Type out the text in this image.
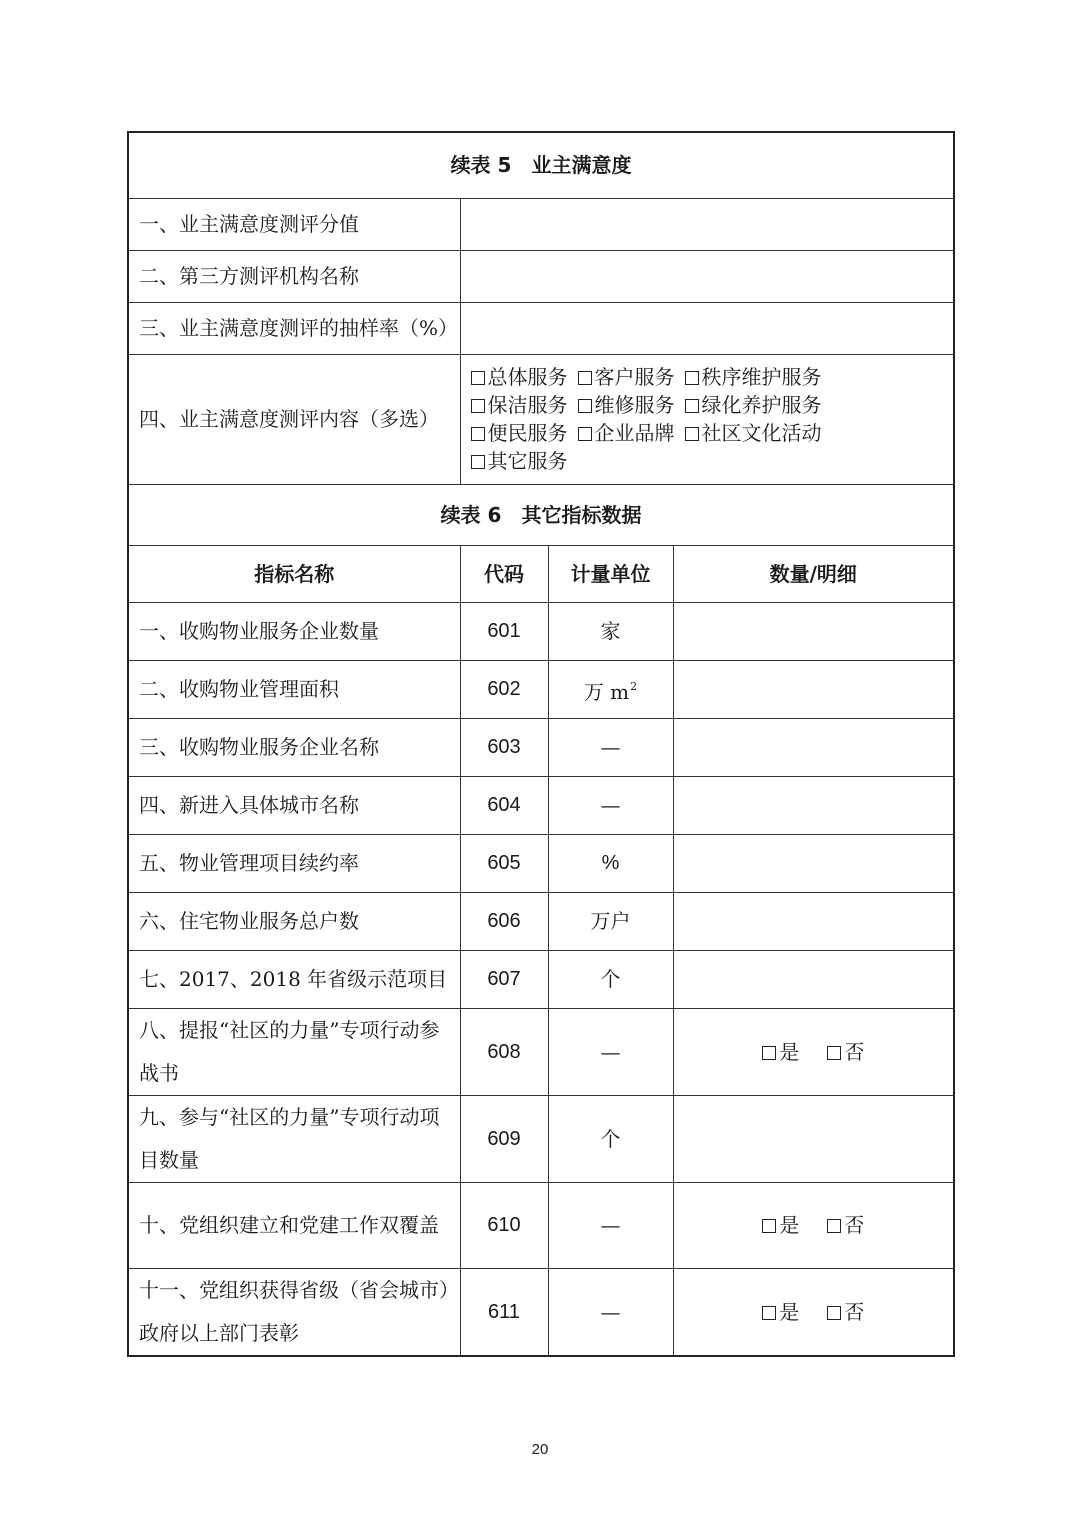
续表 5　业主满意度			
一、业主满意度测评分值			
二、第三方测评机构名称			
三、业主满意度测评的抽样率（%）			
四、业主满意度测评内容（多选）	总体服务 客户服务 秩序维护服务
保洁服务 维修服务 绿化养护服务
便民服务 企业品牌 社区文化活动
其它服务		
续表 6　其它指标数据			
指标名称	代码	计量单位	数量/明细
一、收购物业服务企业数量	601	家	
二、收购物业管理面积	602	万 $m^2$	
三、收购物业服务企业名称	603	—	
四、新进入具体城市名称	604	—	
五、物业管理项目续约率	605	%	
六、住宅物业服务总户数	606	万户	
七、2017、2018 年省级示范项目	607	个	
八、提报“社区的力量”专项行动参战书	608	—	是 否
九、参与“社区的力量”专项行动项目数量	609	个	
十、党组织建立和党建工作双覆盖	610	—	是 否
十一、党组织获得省级（省会城市）政府以上部门表彰	611	—	是 否
20
